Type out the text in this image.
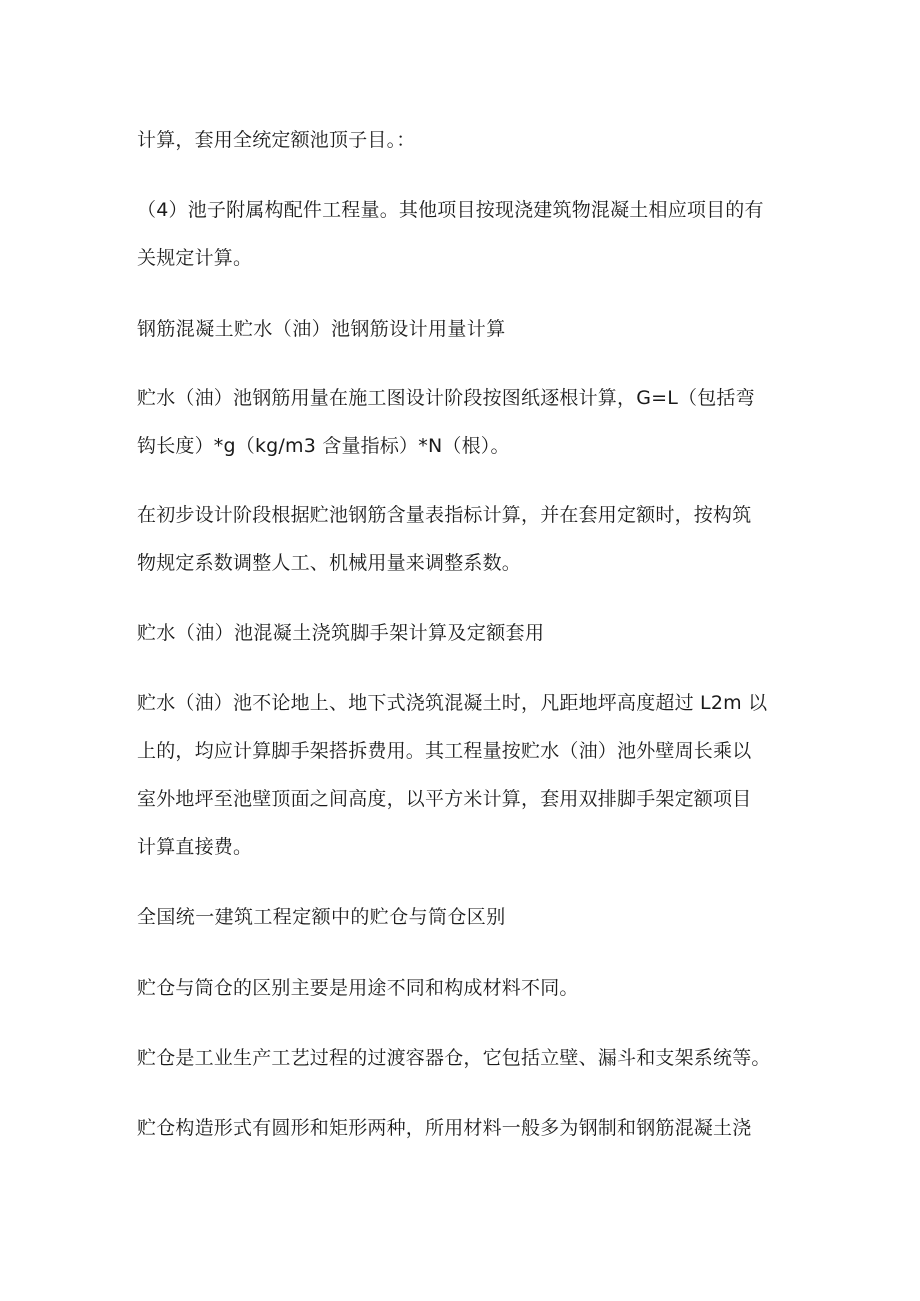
计算，套用全统定额池顶子目。：
（4）池子附属构配件工程量。其他项目按现浇建筑物混凝土相应项目的有
关规定计算。
钢筋混凝土贮水（油）池钢筋设计用量计算
贮水（油）池钢筋用量在施工图设计阶段按图纸逐根计算，G=L（包括弯
钩长度）*g（kg/m3 含量指标）*N（根）。
在初步设计阶段根据贮池钢筋含量表指标计算，并在套用定额时，按构筑
物规定系数调整人工、机械用量来调整系数。
贮水（油）池混凝土浇筑脚手架计算及定额套用
贮水（油）池不论地上、地下式浇筑混凝土时，凡距地坪高度超过 L2m 以
上的，均应计算脚手架搭拆费用。其工程量按贮水（油）池外壁周长乘以
室外地坪至池壁顶面之间高度，以平方米计算，套用双排脚手架定额项目
计算直接费。
全国统一建筑工程定额中的贮仓与筒仓区别
贮仓与筒仓的区别主要是用途不同和构成材料不同。
贮仓是工业生产工艺过程的过渡容器仓，它包括立壁、漏斗和支架系统等。
贮仓构造形式有圆形和矩形两种，所用材料一般多为钢制和钢筋混凝土浇
